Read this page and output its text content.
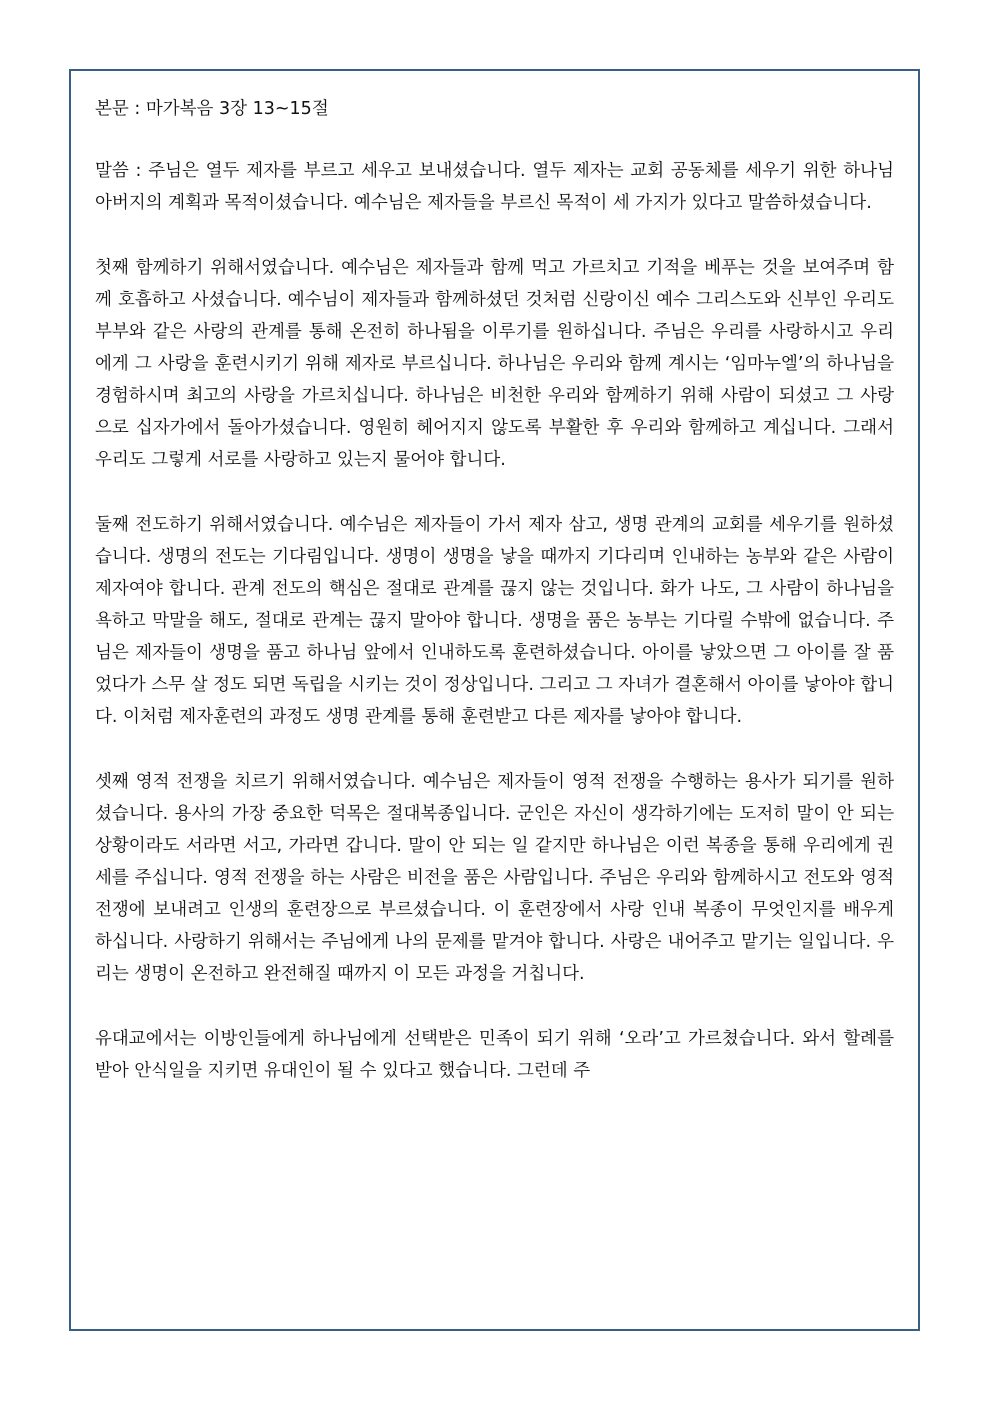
본문 : 마가복음 3장 13~15절

말씀 : 주님은 열두 제자를 부르고 세우고 보내셨습니다. 열두 제자는 교회 공동체를 세우기 위한 하나님 아버지의 계획과 목적이셨습니다. 예수님은 제자들을 부르신 목적이 세 가지가 있다고 말씀하셨습니다.

첫째 함께하기 위해서였습니다. 예수님은 제자들과 함께 먹고 가르치고 기적을 베푸는 것을 보여주며 함께 호흡하고 사셨습니다. 예수님이 제자들과 함께하셨던 것처럼 신랑이신 예수 그리스도와 신부인 우리도 부부와 같은 사랑의 관계를 통해 온전히 하나됨을 이루기를 원하십니다. 주님은 우리를 사랑하시고 우리에게 그 사랑을 훈련시키기 위해 제자로 부르십니다. 하나님은 우리와 함께 계시는 ‘임마누엘’의 하나님을 경험하시며 최고의 사랑을 가르치십니다. 하나님은 비천한 우리와 함께하기 위해 사람이 되셨고 그 사랑으로 십자가에서 돌아가셨습니다. 영원히 헤어지지 않도록 부활한 후 우리와 함께하고 계십니다. 그래서 우리도 그렇게 서로를 사랑하고 있는지 물어야 합니다.

둘째 전도하기 위해서였습니다. 예수님은 제자들이 가서 제자 삼고, 생명 관계의 교회를 세우기를 원하셨습니다. 생명의 전도는 기다림입니다. 생명이 생명을 낳을 때까지 기다리며 인내하는 농부와 같은 사람이 제자여야 합니다. 관계 전도의 핵심은 절대로 관계를 끊지 않는 것입니다. 화가 나도, 그 사람이 하나님을 욕하고 막말을 해도, 절대로 관계는 끊지 말아야 합니다. 생명을 품은 농부는 기다릴 수밖에 없습니다. 주님은 제자들이 생명을 품고 하나님 앞에서 인내하도록 훈련하셨습니다. 아이를 낳았으면 그 아이를 잘 품었다가 스무 살 정도 되면 독립을 시키는 것이 정상입니다. 그리고 그 자녀가 결혼해서 아이를 낳아야 합니다. 이처럼 제자훈련의 과정도 생명 관계를 통해 훈련받고 다른 제자를 낳아야 합니다.

셋째 영적 전쟁을 치르기 위해서였습니다. 예수님은 제자들이 영적 전쟁을 수행하는 용사가 되기를 원하셨습니다. 용사의 가장 중요한 덕목은 절대복종입니다. 군인은 자신이 생각하기에는 도저히 말이 안 되는 상황이라도 서라면 서고, 가라면 갑니다. 말이 안 되는 일 같지만 하나님은 이런 복종을 통해 우리에게 권세를 주십니다. 영적 전쟁을 하는 사람은 비전을 품은 사람입니다. 주님은 우리와 함께하시고 전도와 영적 전쟁에 보내려고 인생의 훈련장으로 부르셨습니다. 이 훈련장에서 사랑 인내 복종이 무엇인지를 배우게 하십니다. 사랑하기 위해서는 주님에게 나의 문제를 맡겨야 합니다. 사랑은 내어주고 맡기는 일입니다. 우리는 생명이 온전하고 완전해질 때까지 이 모든 과정을 거칩니다.

유대교에서는 이방인들에게 하나님에게 선택받은 민족이 되기 위해 ‘오라’고 가르쳤습니다. 와서 할례를 받아 안식일을 지키면 유대인이 될 수 있다고 했습니다. 그런데 주
